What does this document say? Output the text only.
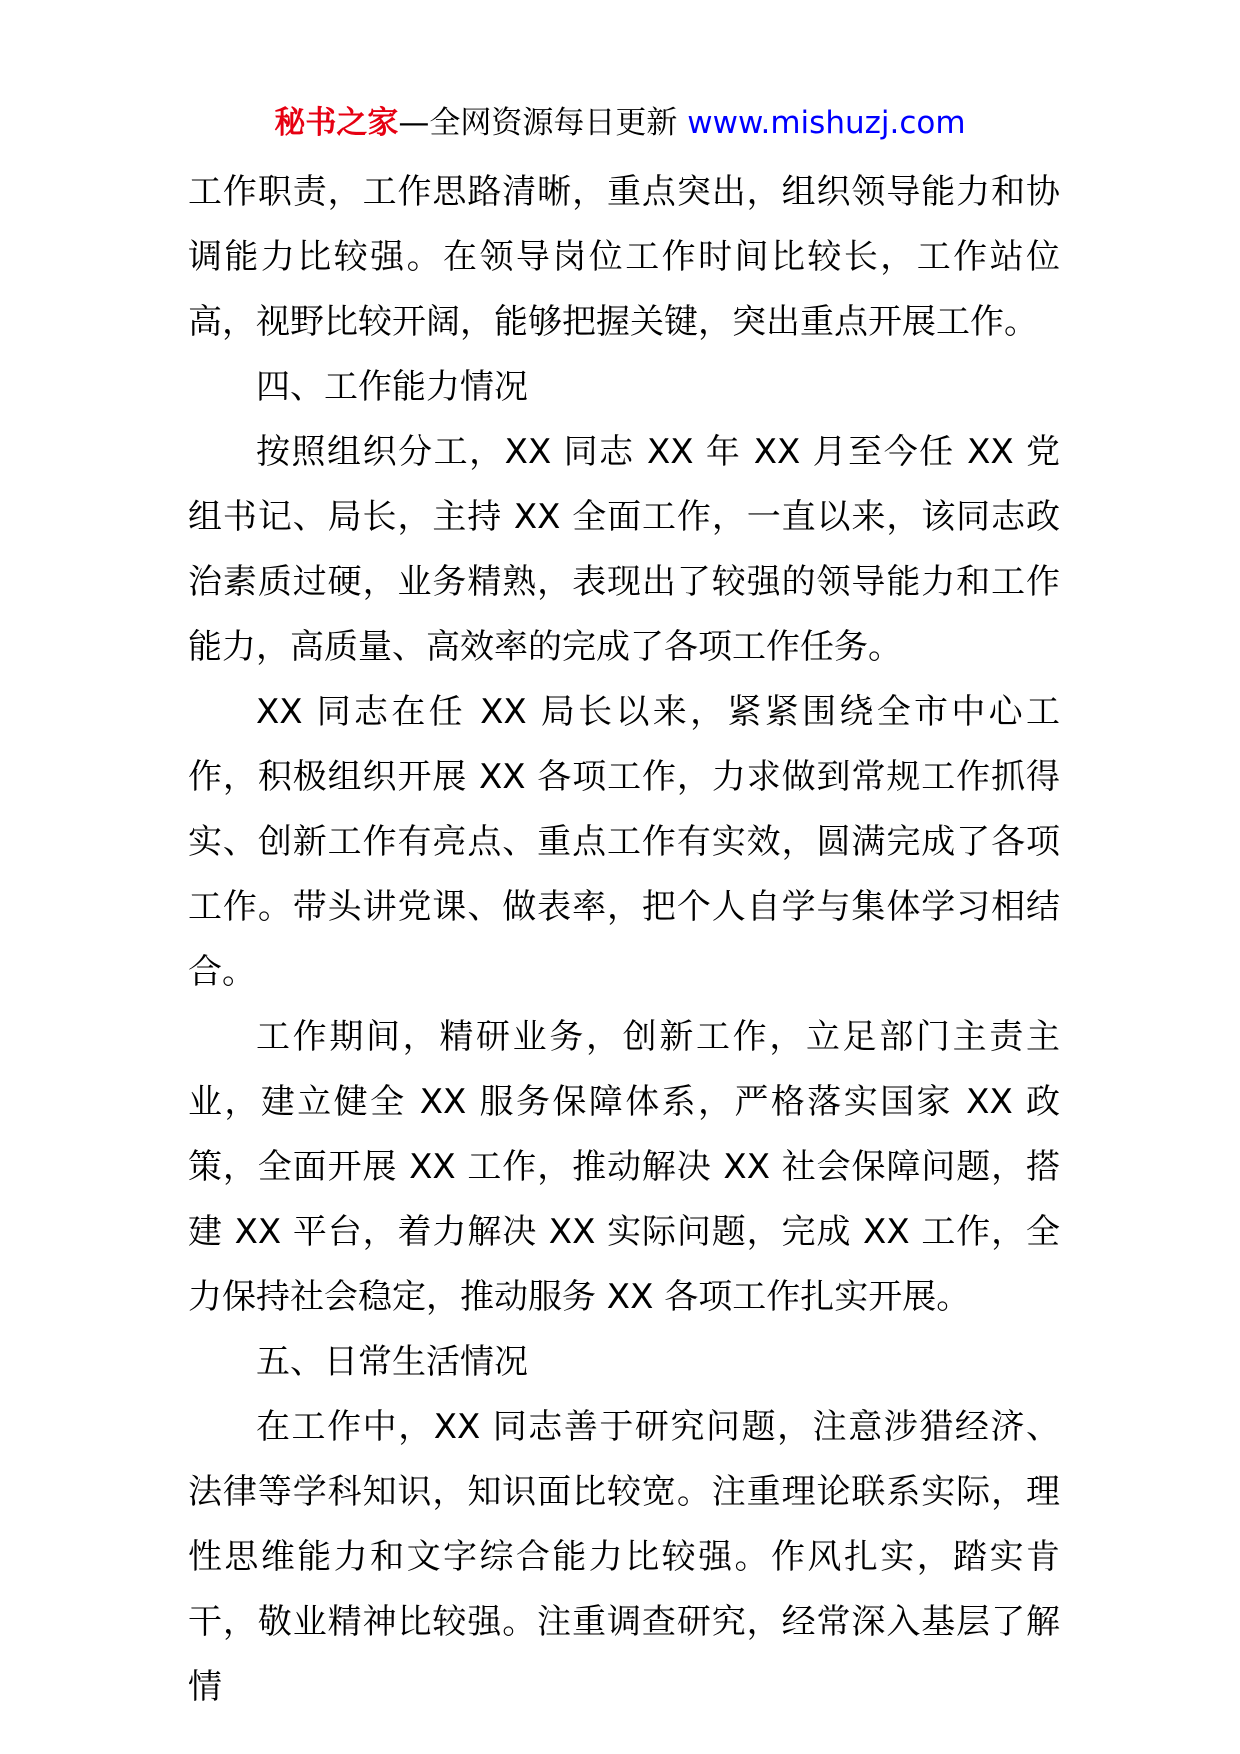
秘书之家—全网资源每日更新 www.mishuzj.com

工作职责，工作思路清晰，重点突出，组织领导能力和协调能力比较强。在领导岗位工作时间比较长，工作站位高，视野比较开阔，能够把握关键，突出重点开展工作。

四、工作能力情况

按照组织分工，XX 同志 XX 年 XX 月至今任 XX 党组书记、局长，主持 XX 全面工作，一直以来，该同志政治素质过硬，业务精熟，表现出了较强的领导能力和工作能力，高质量、高效率的完成了各项工作任务。

XX 同志在任 XX 局长以来，紧紧围绕全市中心工作，积极组织开展 XX 各项工作，力求做到常规工作抓得实、创新工作有亮点、重点工作有实效，圆满完成了各项工作。带头讲党课、做表率，把个人自学与集体学习相结合。

工作期间，精研业务，创新工作，立足部门主责主业，建立健全 XX 服务保障体系，严格落实国家 XX 政策，全面开展 XX 工作，推动解决 XX 社会保障问题，搭建 XX 平台，着力解决 XX 实际问题，完成 XX 工作，全力保持社会稳定，推动服务 XX 各项工作扎实开展。

五、日常生活情况

在工作中，XX 同志善于研究问题，注意涉猎经济、法律等学科知识，知识面比较宽。注重理论联系实际，理性思维能力和文字综合能力比较强。作风扎实，踏实肯干，敬业精神比较强。注重调查研究，经常深入基层了解情
